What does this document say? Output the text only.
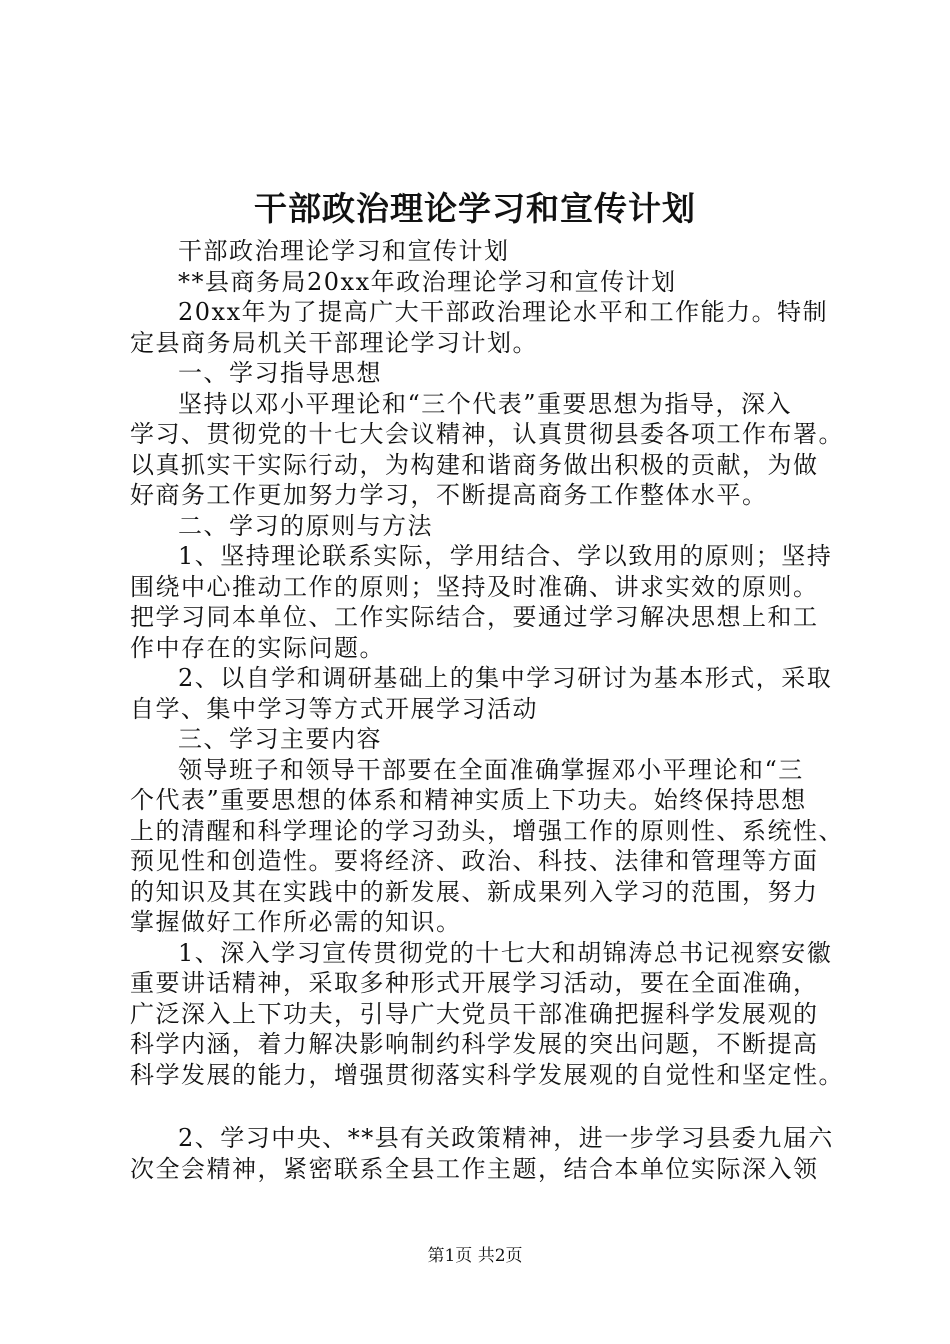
干部政治理论学习和宣传计划
干部政治理论学习和宣传计划
**县商务局20xx年政治理论学习和宣传计划
20xx年为了提高广大干部政治理论水平和工作能力。特制
定县商务局机关干部理论学习计划。
一、学习指导思想
坚持以邓小平理论和“三个代表”重要思想为指导，深入
学习、贯彻党的十七大会议精神，认真贯彻县委各项工作布署。
以真抓实干实际行动，为构建和谐商务做出积极的贡献，为做
好商务工作更加努力学习，不断提高商务工作整体水平。
二、学习的原则与方法
1、坚持理论联系实际，学用结合、学以致用的原则；坚持
围绕中心推动工作的原则；坚持及时准确、讲求实效的原则。
把学习同本单位、工作实际结合，要通过学习解决思想上和工
作中存在的实际问题。
2、以自学和调研基础上的集中学习研讨为基本形式，采取
自学、集中学习等方式开展学习活动
三、学习主要内容
领导班子和领导干部要在全面准确掌握邓小平理论和“三
个代表”重要思想的体系和精神实质上下功夫。始终保持思想
上的清醒和科学理论的学习劲头，增强工作的原则性、系统性、
预见性和创造性。要将经济、政治、科技、法律和管理等方面
的知识及其在实践中的新发展、新成果列入学习的范围，努力
掌握做好工作所必需的知识。
1、深入学习宣传贯彻党的十七大和胡锦涛总书记视察安徽
重要讲话精神，采取多种形式开展学习活动，要在全面准确，
广泛深入上下功夫，引导广大党员干部准确把握科学发展观的
科学内涵，着力解决影响制约科学发展的突出问题，不断提高
科学发展的能力，增强贯彻落实科学发展观的自觉性和坚定性。
2、学习中央、**县有关政策精神，进一步学习县委九届六
次全会精神，紧密联系全县工作主题，结合本单位实际深入领
第1页 共2页
